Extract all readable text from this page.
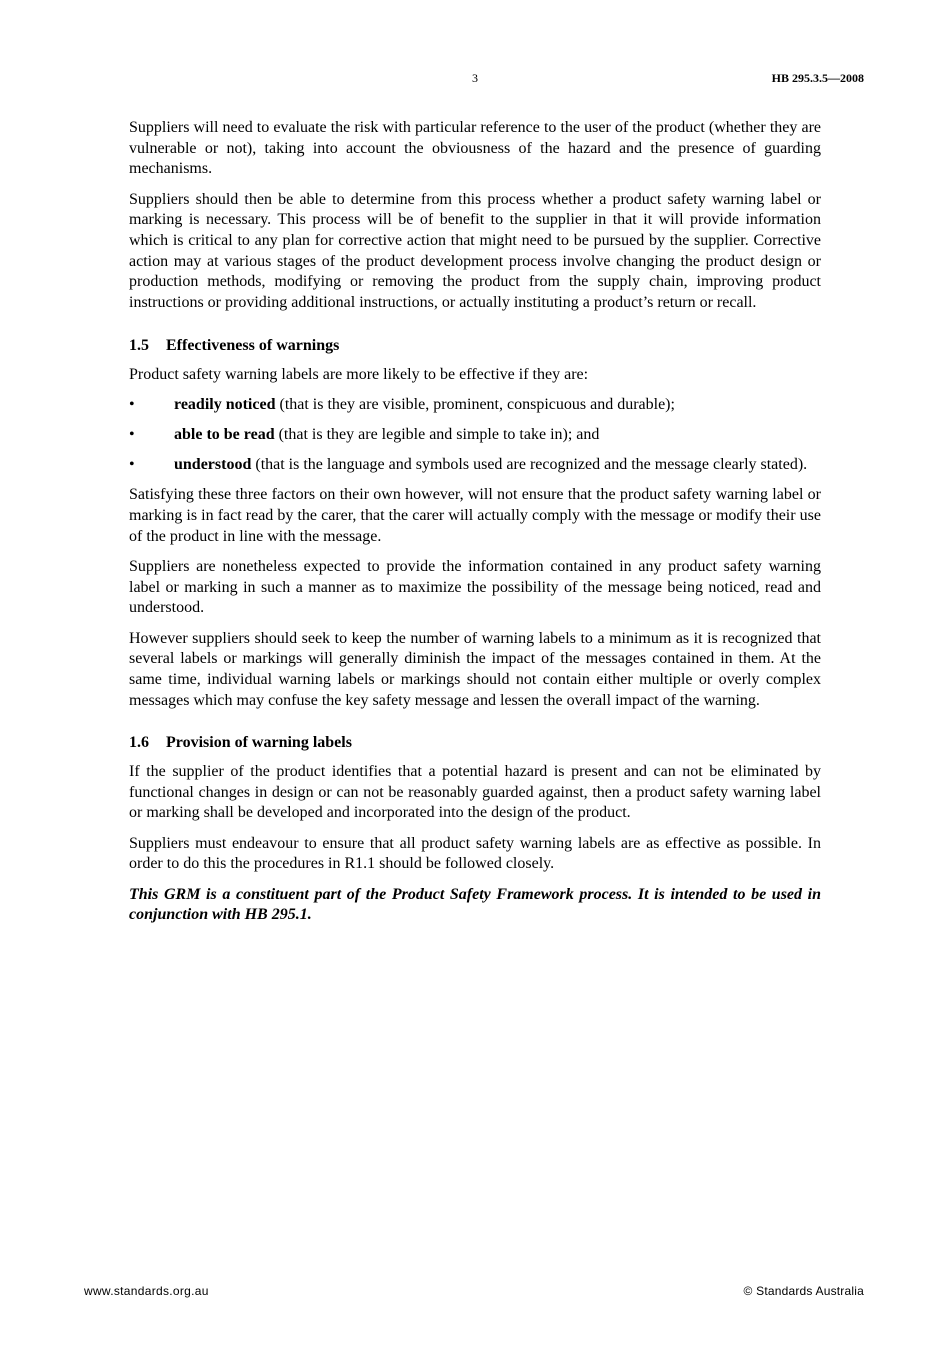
3	HB 295.3.5—2008

Suppliers will need to evaluate the risk with particular reference to the user of the product (whether they are vulnerable or not), taking into account the obviousness of the hazard and the presence of guarding mechanisms.

Suppliers should then be able to determine from this process whether a product safety warning label or marking is necessary. This process will be of benefit to the supplier in that it will provide information which is critical to any plan for corrective action that might need to be pursued by the supplier. Corrective action may at various stages of the product development process involve changing the product design or production methods, modifying or removing the product from the supply chain, improving product instructions or providing additional instructions, or actually instituting a product’s return or recall.

1.5 Effectiveness of warnings

Product safety warning labels are more likely to be effective if they are:

• readily noticed (that is they are visible, prominent, conspicuous and durable);
• able to be read (that is they are legible and simple to take in); and
• understood (that is the language and symbols used are recognized and the message clearly stated).

Satisfying these three factors on their own however, will not ensure that the product safety warning label or marking is in fact read by the carer, that the carer will actually comply with the message or modify their use of the product in line with the message.

Suppliers are nonetheless expected to provide the information contained in any product safety warning label or marking in such a manner as to maximize the possibility of the message being noticed, read and understood.

However suppliers should seek to keep the number of warning labels to a minimum as it is recognized that several labels or markings will generally diminish the impact of the messages contained in them. At the same time, individual warning labels or markings should not contain either multiple or overly complex messages which may confuse the key safety message and lessen the overall impact of the warning.

1.6 Provision of warning labels

If the supplier of the product identifies that a potential hazard is present and can not be eliminated by functional changes in design or can not be reasonably guarded against, then a product safety warning label or marking shall be developed and incorporated into the design of the product.

Suppliers must endeavour to ensure that all product safety warning labels are as effective as possible. In order to do this the procedures in R1.1 should be followed closely.

This GRM is a constituent part of the Product Safety Framework process. It is intended to be used in conjunction with HB 295.1.

www.standards.org.au	© Standards Australia
